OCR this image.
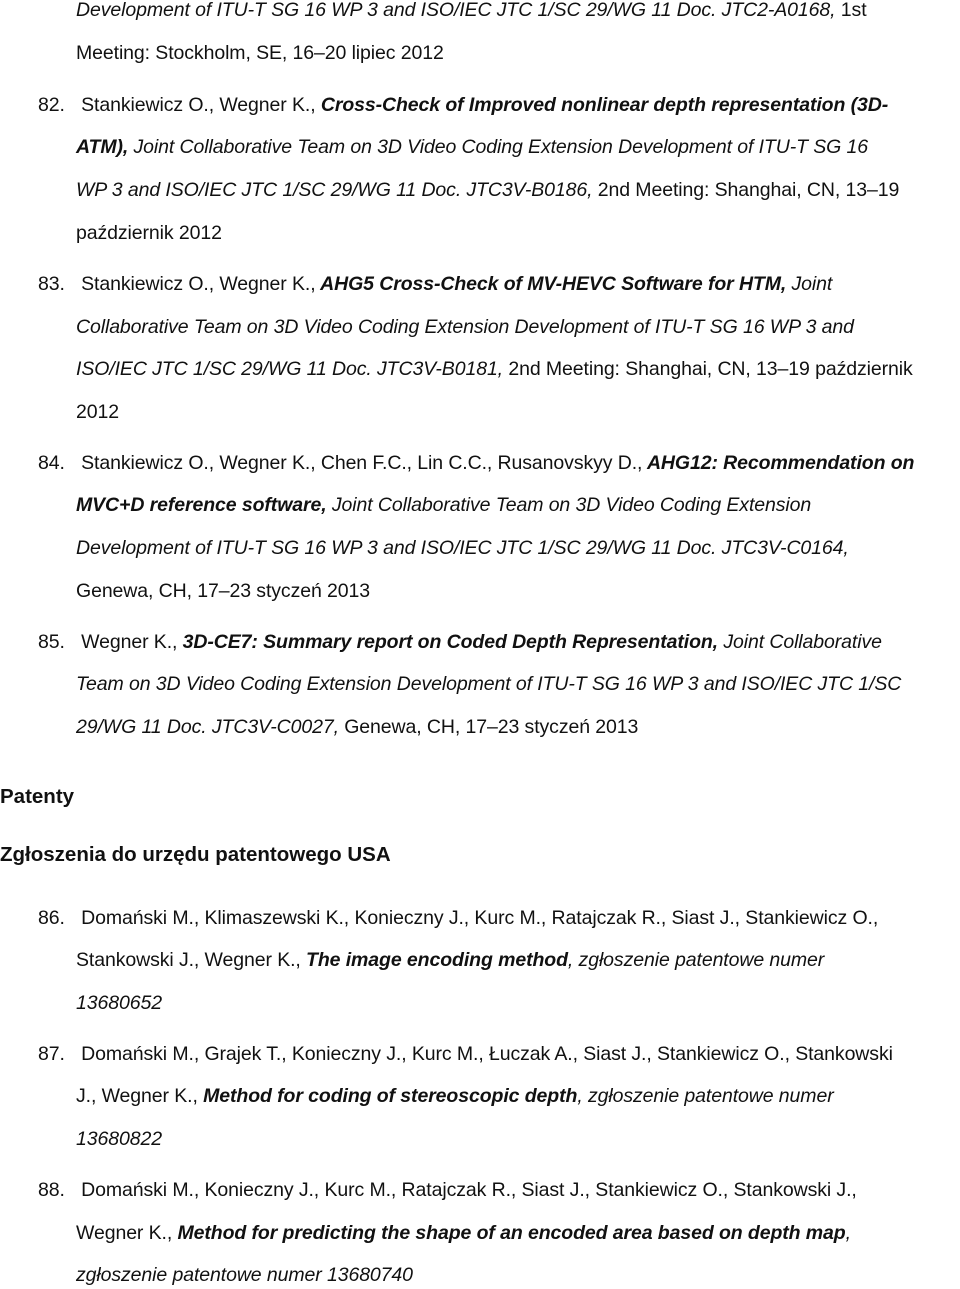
Development of ITU-T SG 16 WP 3 and ISO/IEC JTC 1/SC 29/WG 11 Doc. JTC2-A0168, 1st
Meeting: Stockholm, SE, 16–20 lipiec 2012
82. Stankiewicz O., Wegner K., Cross-Check of Improved nonlinear depth representation (3D-
ATM), Joint Collaborative Team on 3D Video Coding Extension Development of ITU-T SG 16
WP 3 and ISO/IEC JTC 1/SC 29/WG 11 Doc. JTC3V-B0186, 2nd Meeting: Shanghai, CN, 13–19
październik 2012
83. Stankiewicz O., Wegner K., AHG5 Cross-Check of MV-HEVC Software for HTM, Joint
Collaborative Team on 3D Video Coding Extension Development of ITU-T SG 16 WP 3 and
ISO/IEC JTC 1/SC 29/WG 11 Doc. JTC3V-B0181, 2nd Meeting: Shanghai, CN, 13–19 październik
2012
84. Stankiewicz O., Wegner K., Chen F.C., Lin C.C., Rusanovskyy D., AHG12: Recommendation on
MVC+D reference software, Joint Collaborative Team on 3D Video Coding Extension
Development of ITU-T SG 16 WP 3 and ISO/IEC JTC 1/SC 29/WG 11 Doc. JTC3V-C0164,
Genewa, CH, 17–23 styczeń 2013
85. Wegner K., 3D-CE7: Summary report on Coded Depth Representation, Joint Collaborative
Team on 3D Video Coding Extension Development of ITU-T SG 16 WP 3 and ISO/IEC JTC 1/SC
29/WG 11 Doc. JTC3V-C0027, Genewa, CH, 17–23 styczeń 2013
Patenty
Zgłoszenia do urzędu patentowego USA
86. Domański M., Klimaszewski K., Konieczny J., Kurc M., Ratajczak R., Siast J., Stankiewicz O.,
Stankowski J., Wegner K., The image encoding method, zgłoszenie patentowe numer
13680652
87. Domański M., Grajek T., Konieczny J., Kurc M., Łuczak A., Siast J., Stankiewicz O., Stankowski
J., Wegner K., Method for coding of stereoscopic depth, zgłoszenie patentowe numer
13680822
88. Domański M., Konieczny J., Kurc M., Ratajczak R., Siast J., Stankiewicz O., Stankowski J.,
Wegner K., Method for predicting the shape of an encoded area based on depth map,
zgłoszenie patentowe numer 13680740
